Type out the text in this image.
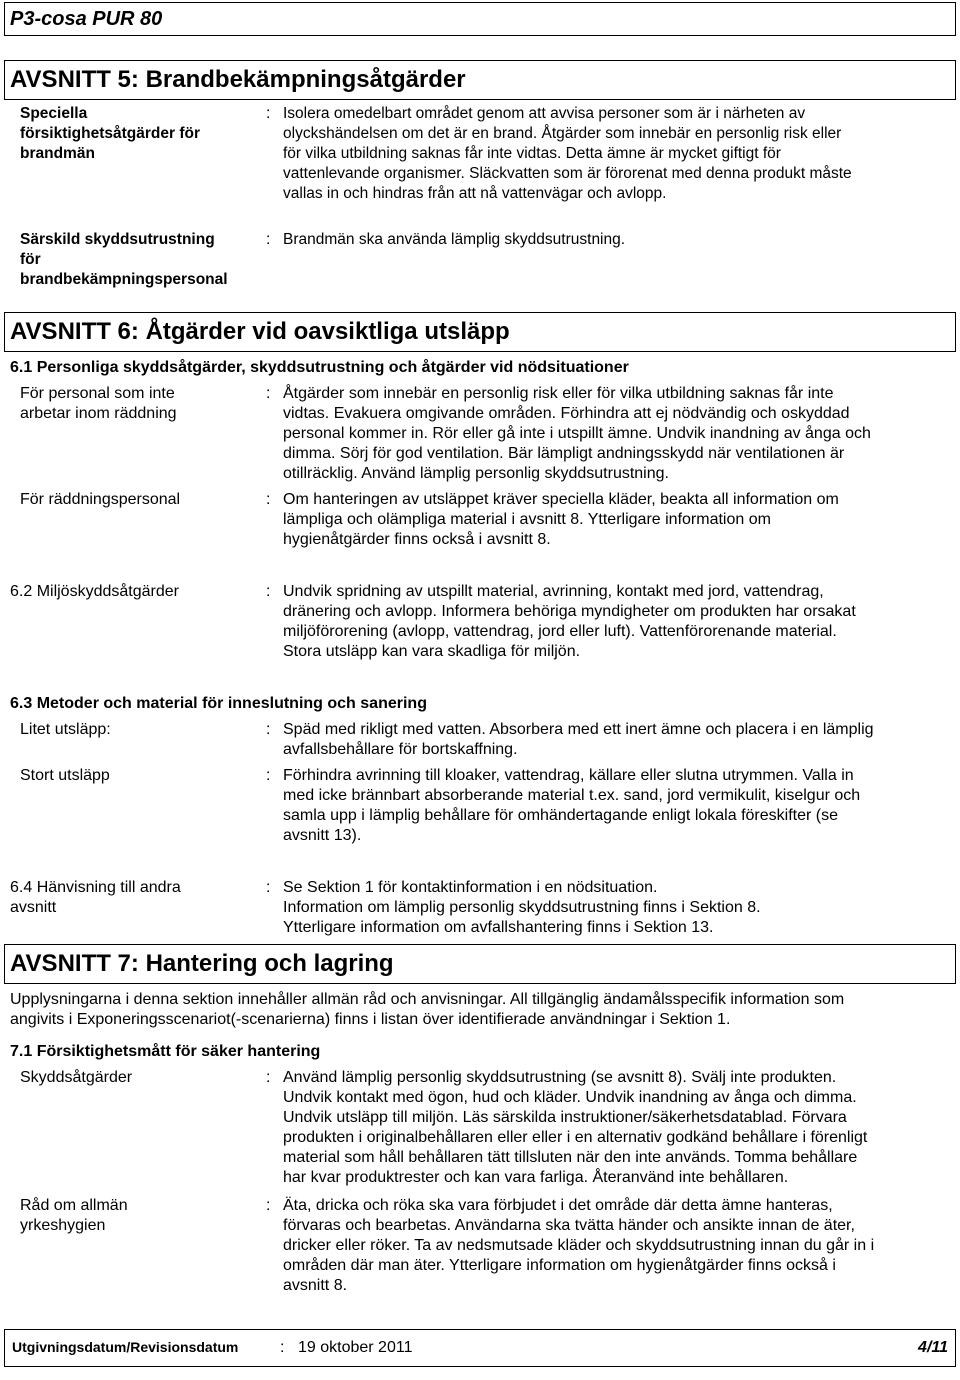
P3-cosa PUR 80
AVSNITT 5: Brandbekämpningsåtgärder
Speciella
försiktighetsåtgärder för
brandmän
: Isolera omedelbart området genom att avvisa personer som är i närheten av
olyckshändelsen om det är en brand. Åtgärder som innebär en personlig risk eller
för vilka utbildning saknas får inte vidtas. Detta ämne är mycket giftigt för
vattenlevande organismer. Släckvatten som är förorenat med denna produkt måste
vallas in och hindras från att nå vattenvägar och avlopp.
Särskild skyddsutrustning
för
brandbekämpningspersonal
: Brandmän ska använda lämplig skyddsutrustning.
AVSNITT 6: Åtgärder vid oavsiktliga utsläpp
6.1 Personliga skyddsåtgärder, skyddsutrustning och åtgärder vid nödsituationer
För personal som inte
arbetar inom räddning
: Åtgärder som innebär en personlig risk eller för vilka utbildning saknas får inte
vidtas. Evakuera omgivande områden. Förhindra att ej nödvändig och oskyddad
personal kommer in. Rör eller gå inte i utspillt ämne. Undvik inandning av ånga och
dimma. Sörj för god ventilation. Bär lämpligt andningsskydd när ventilationen är
otillräcklig. Använd lämplig personlig skyddsutrustning.
För räddningspersonal	: Om hanteringen av utsläppet kräver speciella kläder, beakta all information om
lämpliga och olämpliga material i avsnitt 8. Ytterligare information om
hygienåtgärder finns också i avsnitt 8.
6.2 Miljöskyddsåtgärder	: Undvik spridning av utspillt material, avrinning, kontakt med jord, vattendrag,
dränering och avlopp. Informera behöriga myndigheter om produkten har orsakat
miljöförorening (avlopp, vattendrag, jord eller luft). Vattenförorenande material.
Stora utsläpp kan vara skadliga för miljön.
6.3 Metoder och material för inneslutning och sanering
Litet utsläpp:	: Späd med rikligt med vatten. Absorbera med ett inert ämne och placera i en lämplig
avfallsbehållare för bortskaffning.
Stort utsläpp	: Förhindra avrinning till kloaker, vattendrag, källare eller slutna utrymmen. Valla in
med icke brännbart absorberande material t.ex. sand, jord vermikulit, kiselgur och
samla upp i lämplig behållare för omhändertagande enligt lokala föreskifter (se
avsnitt 13).
6.4 Hänvisning till andra
avsnitt
: Se Sektion 1 för kontaktinformation i en nödsituation.
Information om lämplig personlig skyddsutrustning finns i Sektion 8.
Ytterligare information om avfallshantering finns i Sektion 13.
AVSNITT 7: Hantering och lagring
Upplysningarna i denna sektion innehåller allmän råd och anvisningar. All tillgänglig ändamålsspecifik information som
angivits i Exponeringsscenariot(-scenarierna) finns i listan över identifierade användningar i Sektion 1.
7.1 Försiktighetsmått för säker hantering
Skyddsåtgärder	: Använd lämplig personlig skyddsutrustning (se avsnitt 8). Svälj inte produkten.
Undvik kontakt med ögon, hud och kläder. Undvik inandning av ånga och dimma.
Undvik utsläpp till miljön. Läs särskilda instruktioner/säkerhetsdatablad. Förvara
produkten i originalbehållaren eller eller i en alternativ godkänd behållare i förenligt
material som håll behållaren tätt tillsluten när den inte används. Tomma behållare
har kvar produktrester och kan vara farliga. Återanvänd inte behållaren.
Råd om allmän
yrkeshygien
: Äta, dricka och röka ska vara förbjudet i det område där detta ämne hanteras,
förvaras och bearbetas. Användarna ska tvätta händer och ansikte innan de äter,
dricker eller röker. Ta av nedsmutsade kläder och skyddsutrustning innan du går in i
områden där man äter. Ytterligare information om hygienåtgärder finns också i
avsnitt 8.
Utgivningsdatum/Revisionsdatum	: 19 oktober 2011	4/11
